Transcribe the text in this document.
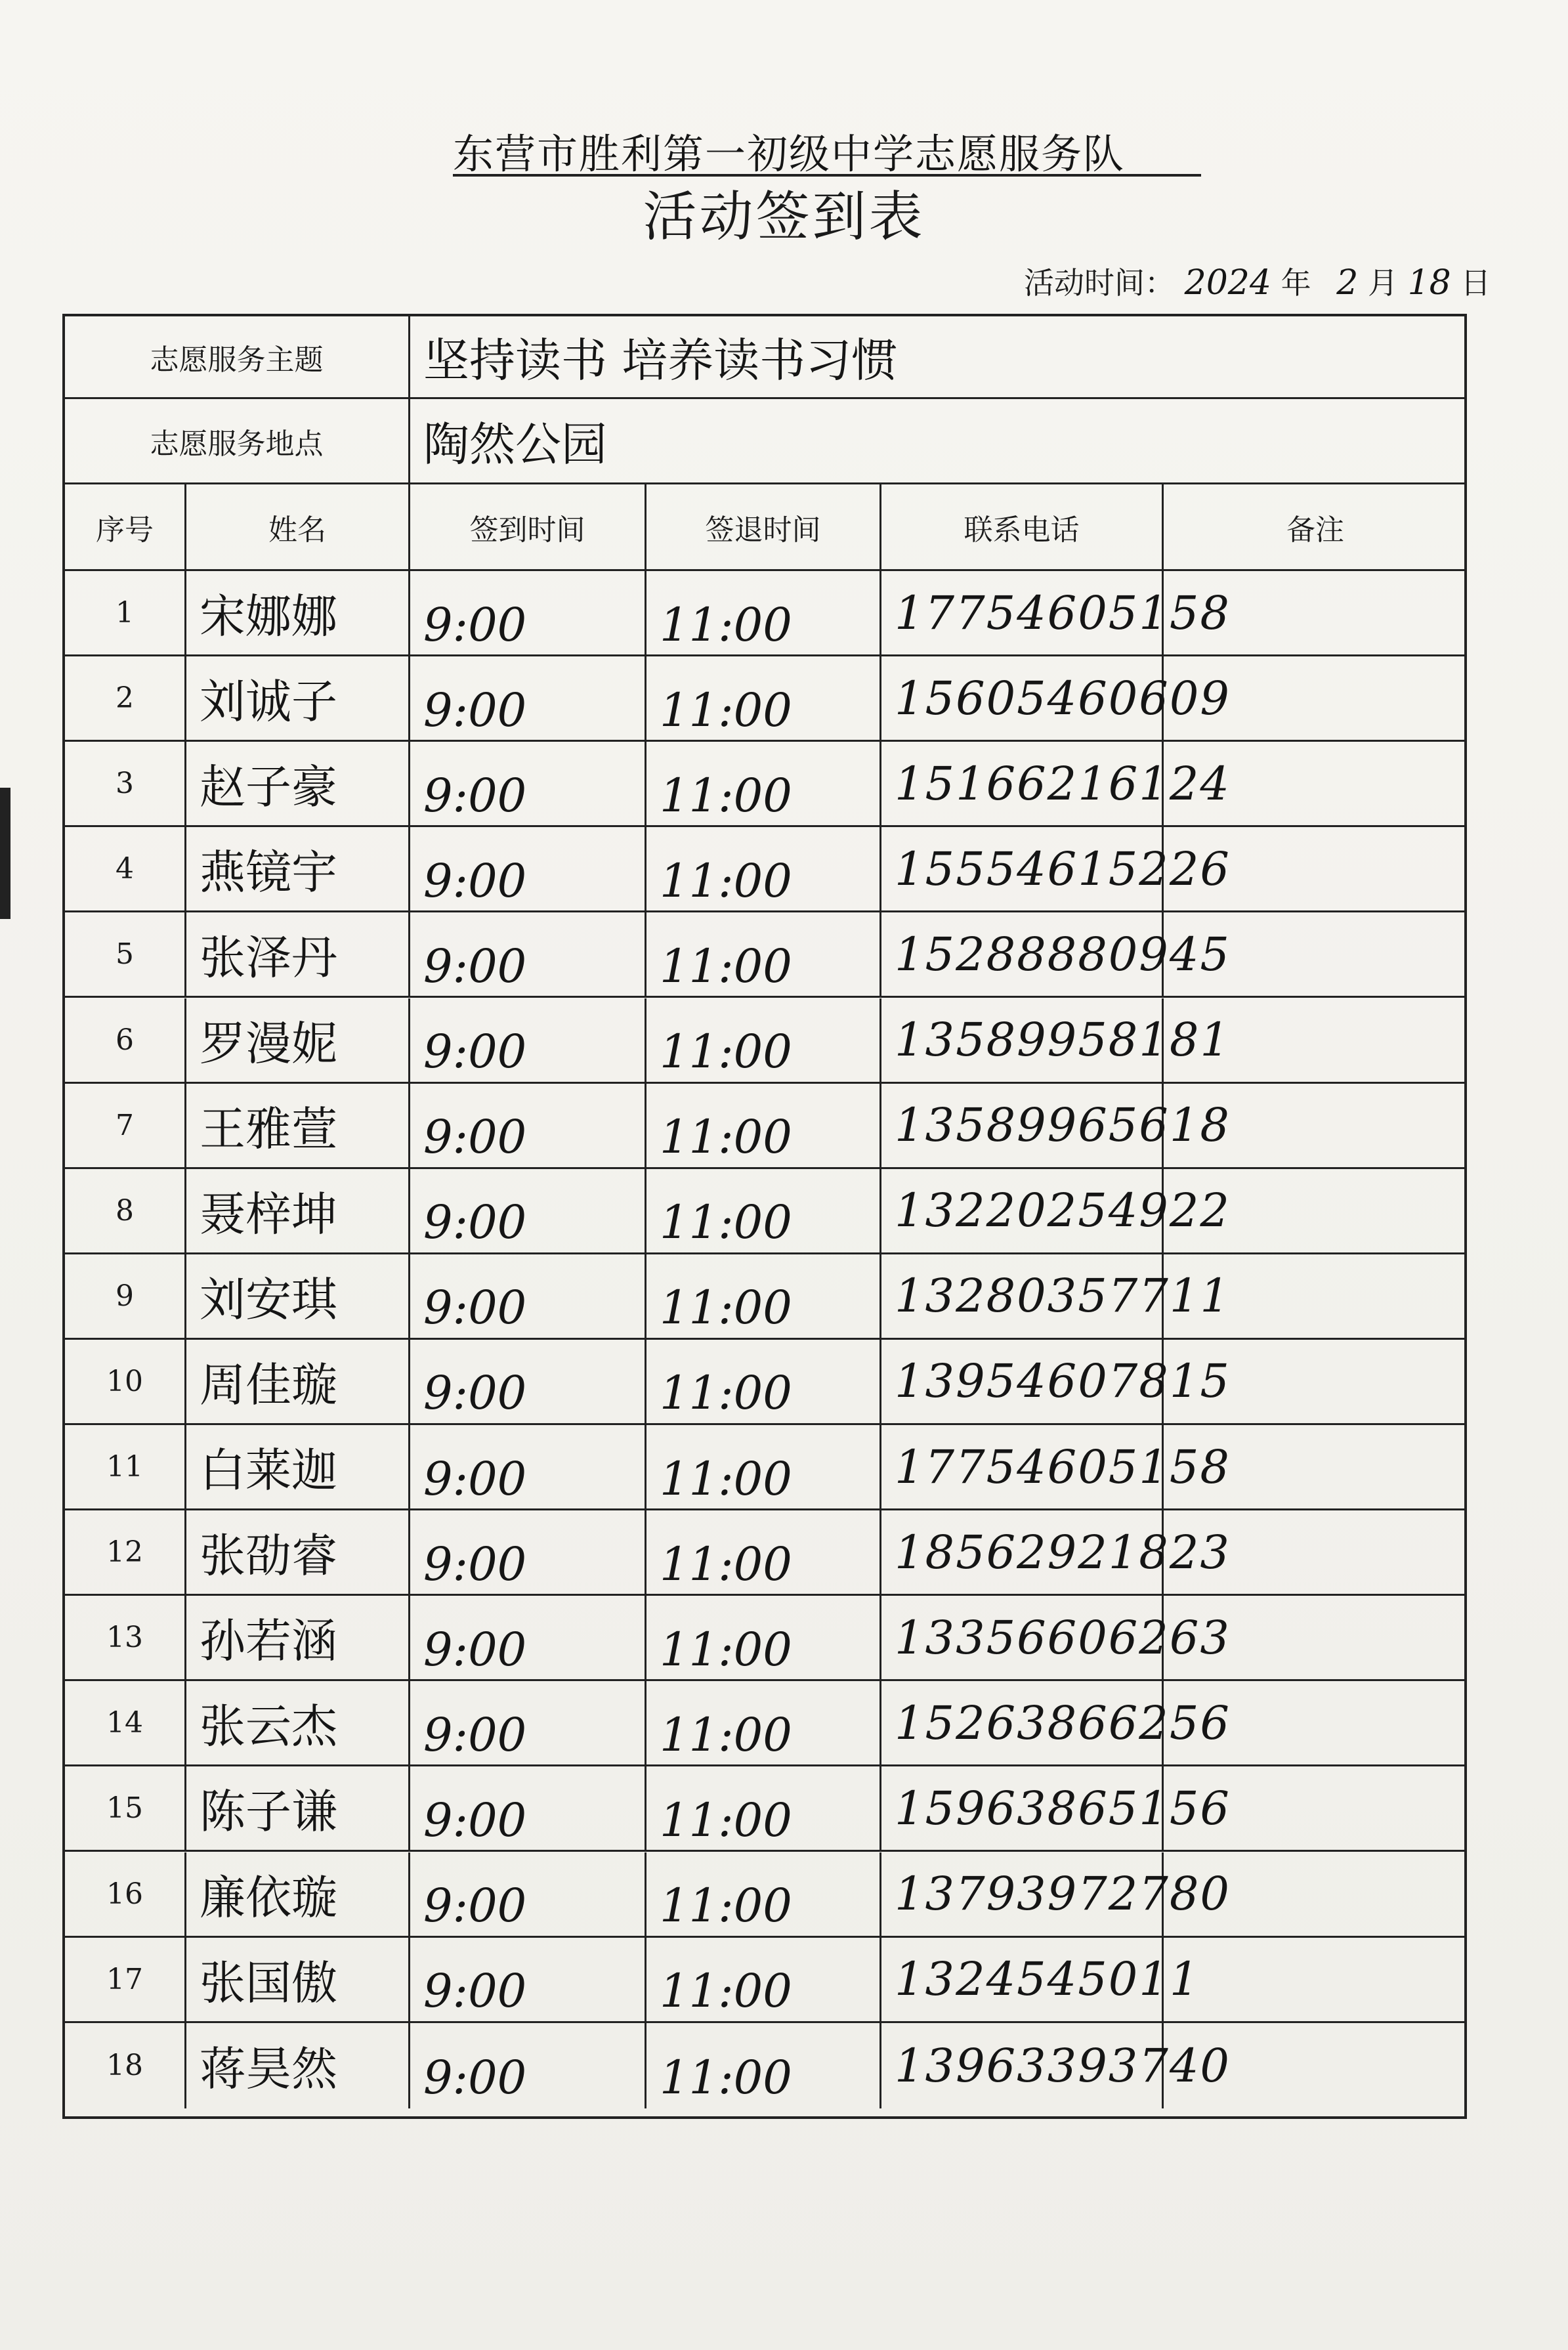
东营市胜利第一初级中学志愿服务队
活动签到表
活动时间： 2024 年 2 月 18 日
志愿服务主题	坚持读书 培养读书习惯
志愿服务地点	陶然公园
序号	姓名	签到时间	签退时间	联系电话	备注
1	宋娜娜	9:00	11:00	17754605158
2	刘诚子	9:00	11:00	15605460609
3	赵子豪	9:00	11:00	15166216124
4	燕镜宇	9:00	11:00	15554615226
5	张泽丹	9:00	11:00	15288880945
6	罗漫妮	9:00	11:00	13589958181
7	王雅萱	9:00	11:00	13589965618
8	聂梓坤	9:00	11:00	13220254922
9	刘安琪	9:00	11:00	13280357711
10	周佳璇	9:00	11:00	13954607815
11	白莱迦	9:00	11:00	17754605158
12	张劭睿	9:00	11:00	18562921823
13	孙若涵	9:00	11:00	13356606263
14	张云杰	9:00	11:00	15263866256
15	陈子谦	9:00	11:00	15963865156
16	廉依璇	9:00	11:00	13793972780
17	张国傲	9:00	11:00	1324545011
18	蒋昊然	9:00	11:00	13963393740
